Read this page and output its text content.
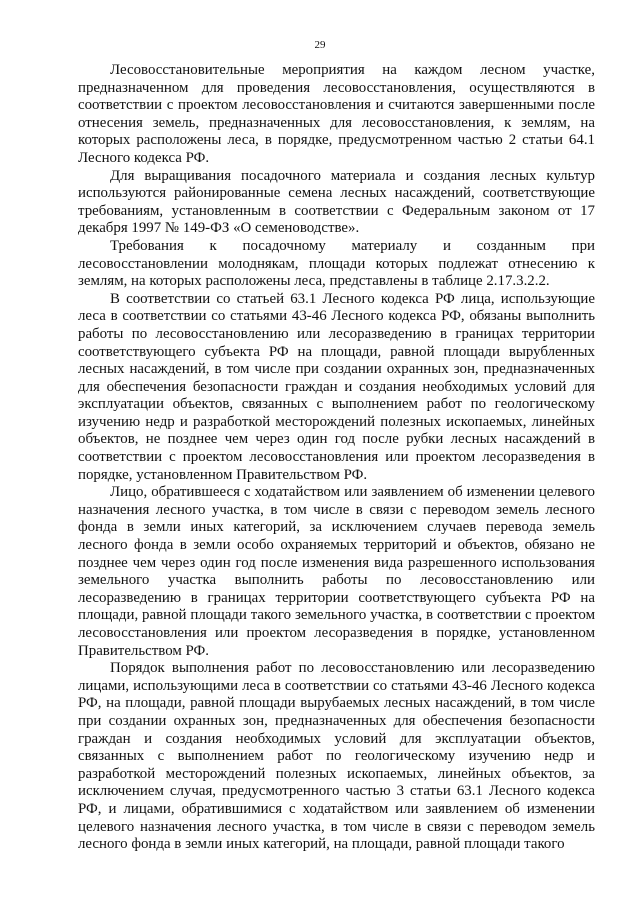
29

Лесовосстановительные мероприятия на каждом лесном участке, предназначенном для проведения лесовосстановления, осуществляются в соответствии с проектом лесовосстановления и считаются завершенными после отнесения земель, предназначенных для лесовосстановления, к землям, на которых расположены леса, в порядке, предусмотренном частью 2 статьи 64.1 Лесного кодекса РФ.

Для выращивания посадочного материала и создания лесных культур используются районированные семена лесных насаждений, соответствующие требованиям, установленным в соответствии с Федеральным законом от 17 декабря 1997 № 149-ФЗ «О семеноводстве».

Требования к посадочному материалу и созданным при лесовосстановлении молоднякам, площади которых подлежат отнесению к землям, на которых расположены леса, представлены в таблице 2.17.3.2.2.

В соответствии со статьей 63.1 Лесного кодекса РФ лица, использующие леса в соответствии со статьями 43-46 Лесного кодекса РФ, обязаны выполнить работы по лесовосстановлению или лесоразведению в границах территории соответствующего субъекта РФ на площади, равной площади вырубленных лесных насаждений, в том числе при создании охранных зон, предназначенных для обеспечения безопасности граждан и создания необходимых условий для эксплуатации объектов, связанных с выполнением работ по геологическому изучению недр и разработкой месторождений полезных ископаемых, линейных объектов, не позднее чем через один год после рубки лесных насаждений в соответствии с проектом лесовосстановления или проектом лесоразведения в порядке, установленном Правительством РФ.

Лицо, обратившееся с ходатайством или заявлением об изменении целевого назначения лесного участка, в том числе в связи с переводом земель лесного фонда в земли иных категорий, за исключением случаев перевода земель лесного фонда в земли особо охраняемых территорий и объектов, обязано не позднее чем через один год после изменения вида разрешенного использования земельного участка выполнить работы по лесовосстановлению или лесоразведению в границах территории соответствующего субъекта РФ на площади, равной площади такого земельного участка, в соответствии с проектом лесовосстановления или проектом лесоразведения в порядке, установленном Правительством РФ.

Порядок выполнения работ по лесовосстановлению или лесоразведению лицами, использующими леса в соответствии со статьями 43-46 Лесного кодекса РФ, на площади, равной площади вырубаемых лесных насаждений, в том числе при создании охранных зон, предназначенных для обеспечения безопасности граждан и создания необходимых условий для эксплуатации объектов, связанных с выполнением работ по геологическому изучению недр и разработкой месторождений полезных ископаемых, линейных объектов, за исключением случая, предусмотренного частью 3 статьи 63.1 Лесного кодекса РФ, и лицами, обратившимися с ходатайством или заявлением об изменении целевого назначения лесного участка, в том числе в связи с переводом земель лесного фонда в земли иных категорий, на площади, равной площади такого
